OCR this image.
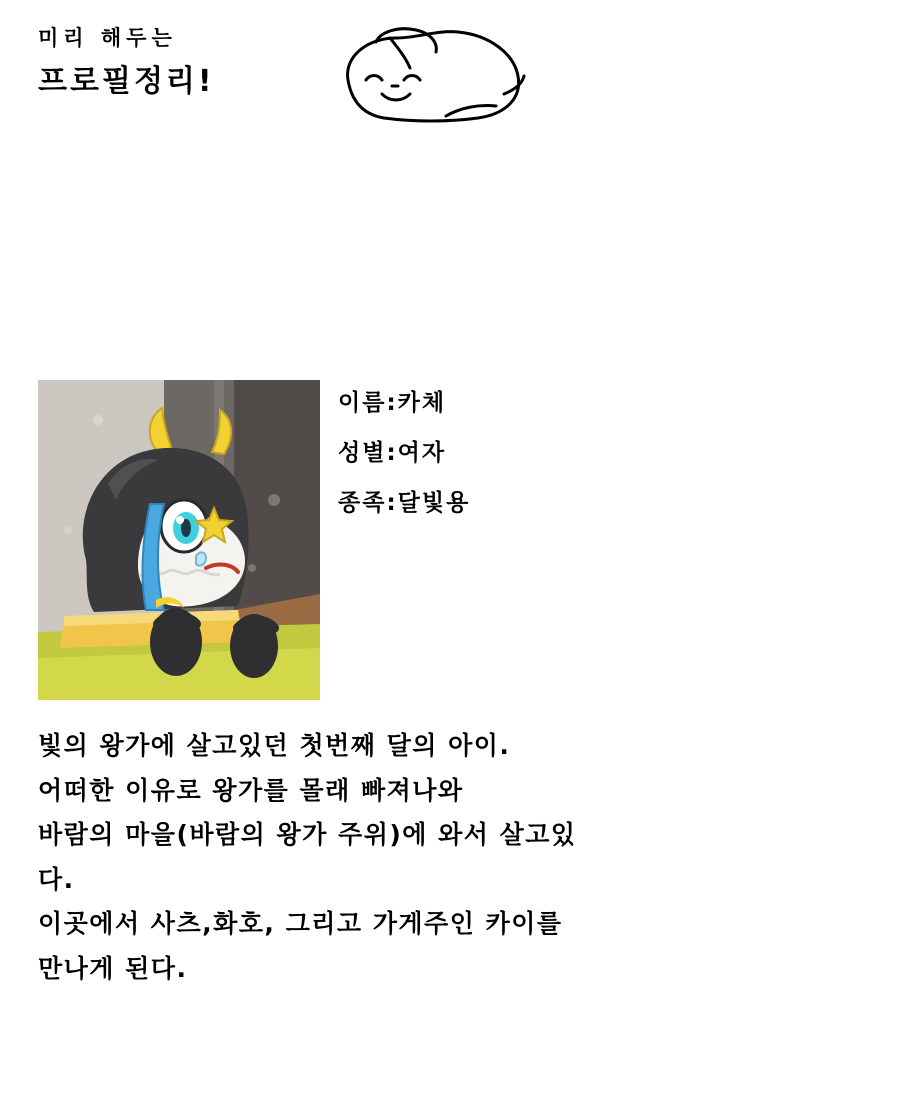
미리 해두는
프로필정리!
이름:카체
성별:여자
종족:달빛용
빛의 왕가에 살고있던 첫번째 달의 아이.
어떠한 이유로 왕가를 몰래 빠져나와
바람의 마을(바람의 왕가 주위)에 와서 살고있
다.
이곳에서 사츠,화호, 그리고 가게주인 카이를
만나게 된다.
